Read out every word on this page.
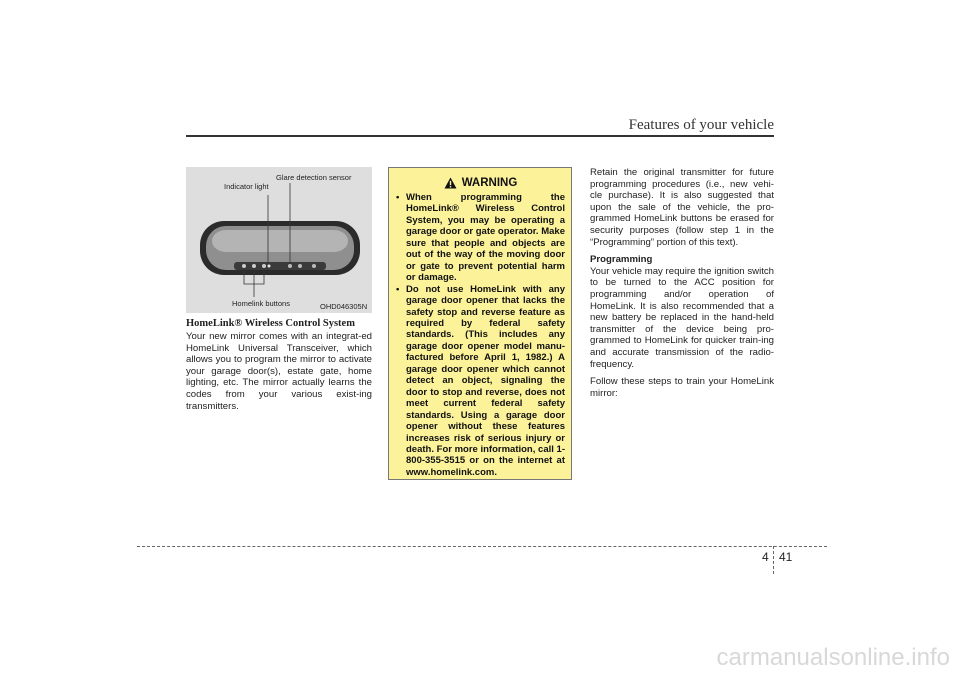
Features of your vehicle
Glare detection sensor
Indicator light
Homelink buttons	OHD046305N
HomeLink® Wireless Control System

Your new mirror comes with an integrat-ed HomeLink Universal Transceiver, which allows you to program the mirror to activate your garage door(s), estate gate, home lighting, etc. The mirror actually learns the codes from your various exist-ing transmitters.

WARNING
• When programming the HomeLink® Wireless Control System, you may be operating a garage door or gate operator. Make sure that people and objects are out of the way of the moving door or gate to prevent potential harm or damage.
• Do not use HomeLink with any garage door opener that lacks the safety stop and reverse feature as required by federal safety standards. (This includes any garage door opener model manu-factured before April 1, 1982.) A garage door opener which cannot detect an object, signaling the door to stop and reverse, does not meet current federal safety standards. Using a garage door opener without these features increases risk of serious injury or death. For more information, call 1-800-355-3515 or on the internet at www.homelink.com.

Retain the original transmitter for future programming procedures (i.e., new vehi-cle purchase). It is also suggested that upon the sale of the vehicle, the pro-grammed HomeLink buttons be erased for security purposes (follow step 1 in the “Programming” portion of this text).

Programming

Your vehicle may require the ignition switch to be turned to the ACC position for programming and/or operation of HomeLink. It is also recommended that a new battery be replaced in the hand-held transmitter of the device being pro-grammed to HomeLink for quicker train-ing and accurate transmission of the radio-frequency.

Follow these steps to train your HomeLink mirror:

4 41
carmanualsonline.info
